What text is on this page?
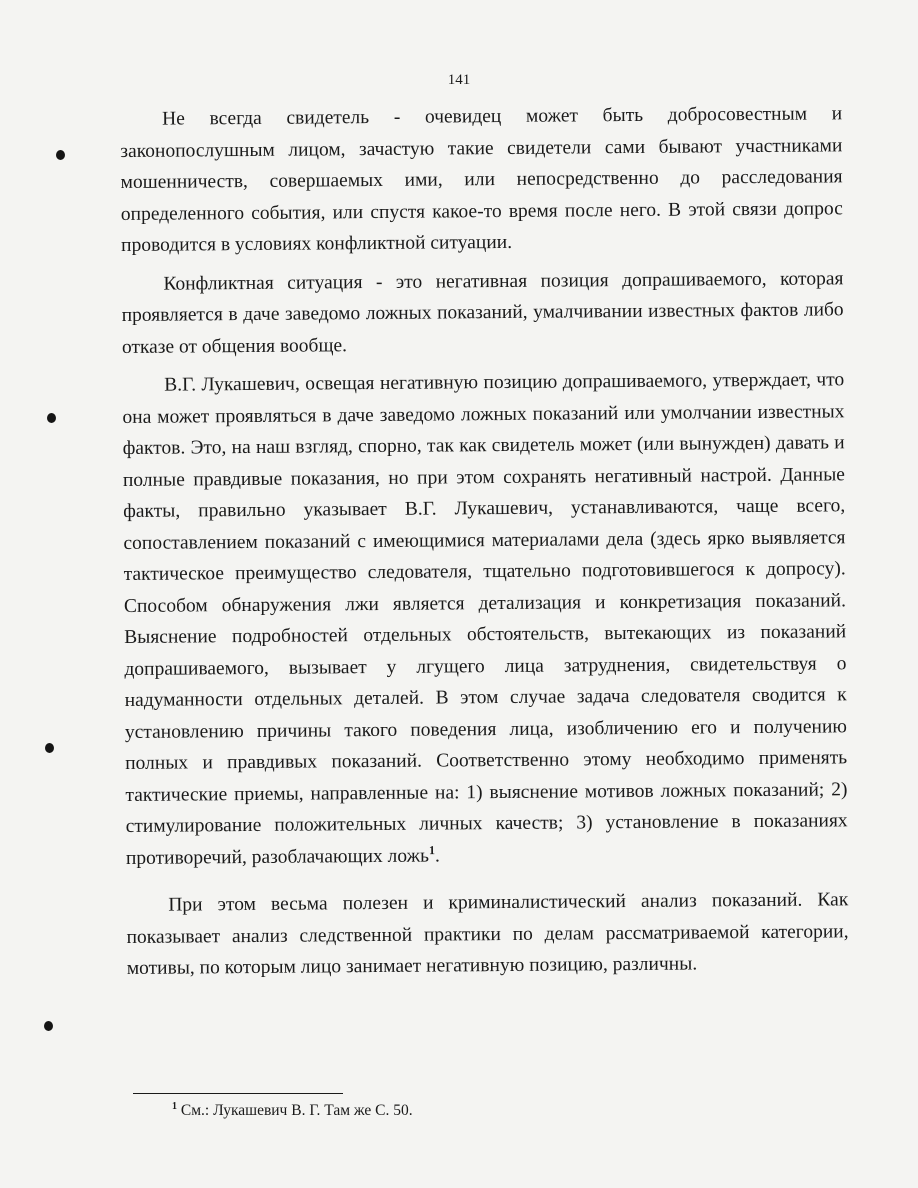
141

Не всегда свидетель - очевидец может быть добросовестным и законопослушным лицом, зачастую такие свидетели сами бывают участниками мошенничеств, совершаемых ими, или непосредственно до расследования определенного события, или спустя какое-то время после него. В этой связи допрос проводится в условиях конфликтной ситуации.

Конфликтная ситуация - это негативная позиция допрашиваемого, которая проявляется в даче заведомо ложных показаний, умалчивании известных фактов либо отказе от общения вообще.

В.Г. Лукашевич, освещая негативную позицию допрашиваемого, утверждает, что она может проявляться в даче заведомо ложных показаний или умолчании известных фактов. Это, на наш взгляд, спорно, так как свидетель может (или вынужден) давать и полные правдивые показания, но при этом сохранять негативный настрой. Данные факты, правильно указывает В.Г. Лукашевич, устанавливаются, чаще всего, сопоставлением показаний с имеющимися материалами дела (здесь ярко выявляется тактическое преимущество следователя, тщательно подготовившегося к допросу). Способом обнаружения лжи является детализация и конкретизация показаний. Выяснение подробностей отдельных обстоятельств, вытекающих из показаний допрашиваемого, вызывает у лгущего лица затруднения, свидетельствуя о надуманности отдельных деталей. В этом случае задача следователя сводится к установлению причины такого поведения лица, изобличению его и получению полных и правдивых показаний. Соответственно этому необходимо применять тактические приемы, направленные на: 1) выяснение мотивов ложных показаний; 2) стимулирование положительных личных качеств; 3) установление в показаниях противоречий, разоблачающих ложь$^1$.

При этом весьма полезен и криминалистический анализ показаний. Как показывает анализ следственной практики по делам рассматриваемой категории, мотивы, по которым лицо занимает негативную позицию, различны.

$^1$ См.: Лукашевич В. Г. Там же С. 50.
